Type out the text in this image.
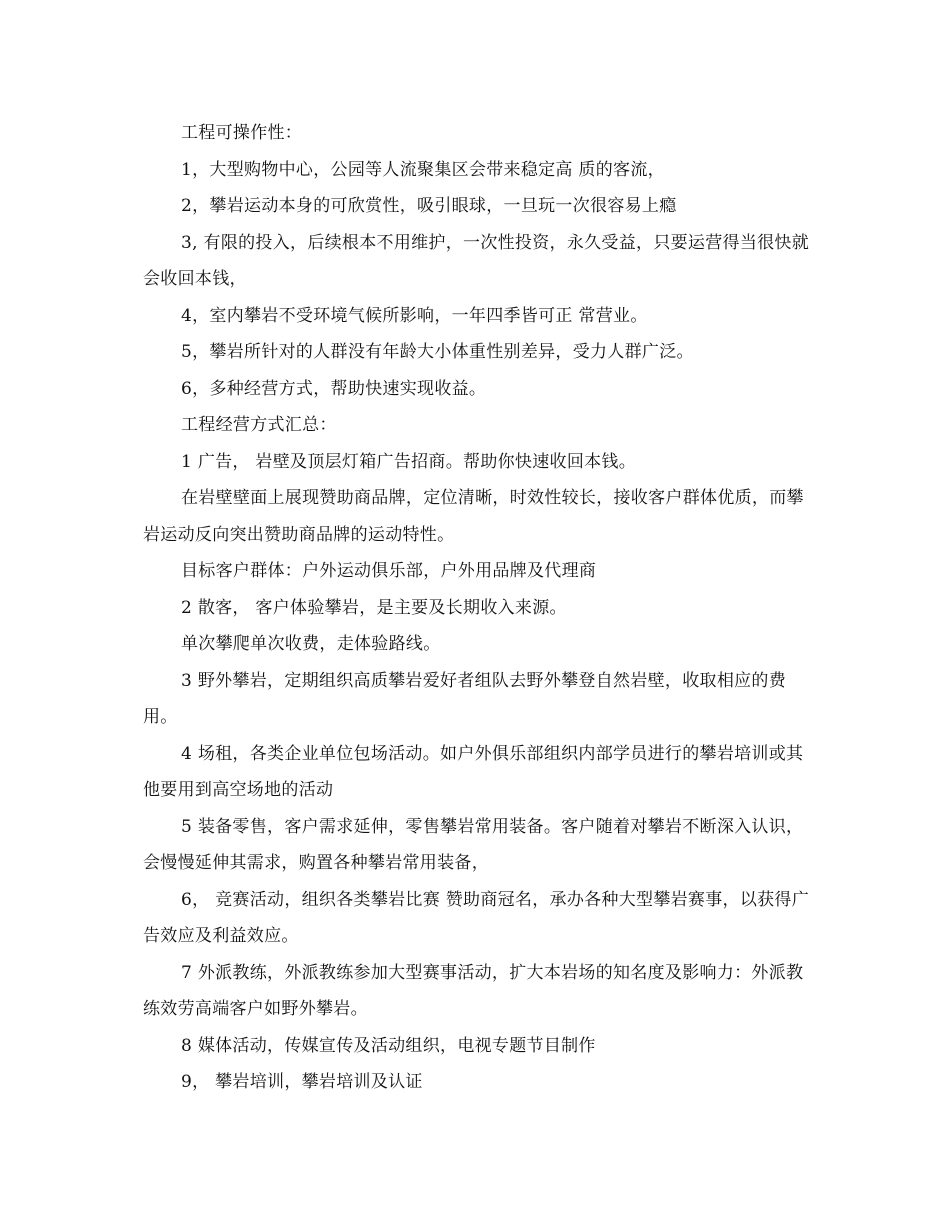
工程可操作性：

1，大型购物中心，公园等人流聚集区会带来稳定高 质的客流，

2，攀岩运动本身的可欣赏性，吸引眼球，一旦玩一次很容易上瘾

3, 有限的投入，后续根本不用维护，一次性投资，永久受益，只要运营得当很快就会收回本钱，

4，室内攀岩不受环境气候所影响，一年四季皆可正 常营业。

5，攀岩所针对的人群没有年龄大小体重性别差异，受力人群广泛。

6，多种经营方式，帮助快速实现收益。

工程经营方式汇总：

1 广告， 岩壁及顶层灯箱广告招商。帮助你快速收回本钱。

在岩壁壁面上展现赞助商品牌，定位清晰，时效性较长，接收客户群体优质，而攀岩运动反向突出赞助商品牌的运动特性。

目标客户群体：户外运动俱乐部，户外用品牌及代理商

2 散客， 客户体验攀岩，是主要及长期收入来源。

单次攀爬单次收费，走体验路线。

3 野外攀岩，定期组织高质攀岩爱好者组队去野外攀登自然岩壁，收取相应的费用。

4 场租，各类企业单位包场活动。如户外俱乐部组织内部学员进行的攀岩培训或其他要用到高空场地的活动

5 装备零售，客户需求延伸，零售攀岩常用装备。客户随着对攀岩不断深入认识，会慢慢延伸其需求，购置各种攀岩常用装备，

6， 竞赛活动，组织各类攀岩比赛 赞助商冠名，承办各种大型攀岩赛事，以获得广告效应及利益效应。

7 外派教练，外派教练参加大型赛事活动，扩大本岩场的知名度及影响力：外派教练效劳高端客户如野外攀岩。

8 媒体活动，传媒宣传及活动组织，电视专题节目制作

9， 攀岩培训，攀岩培训及认证
